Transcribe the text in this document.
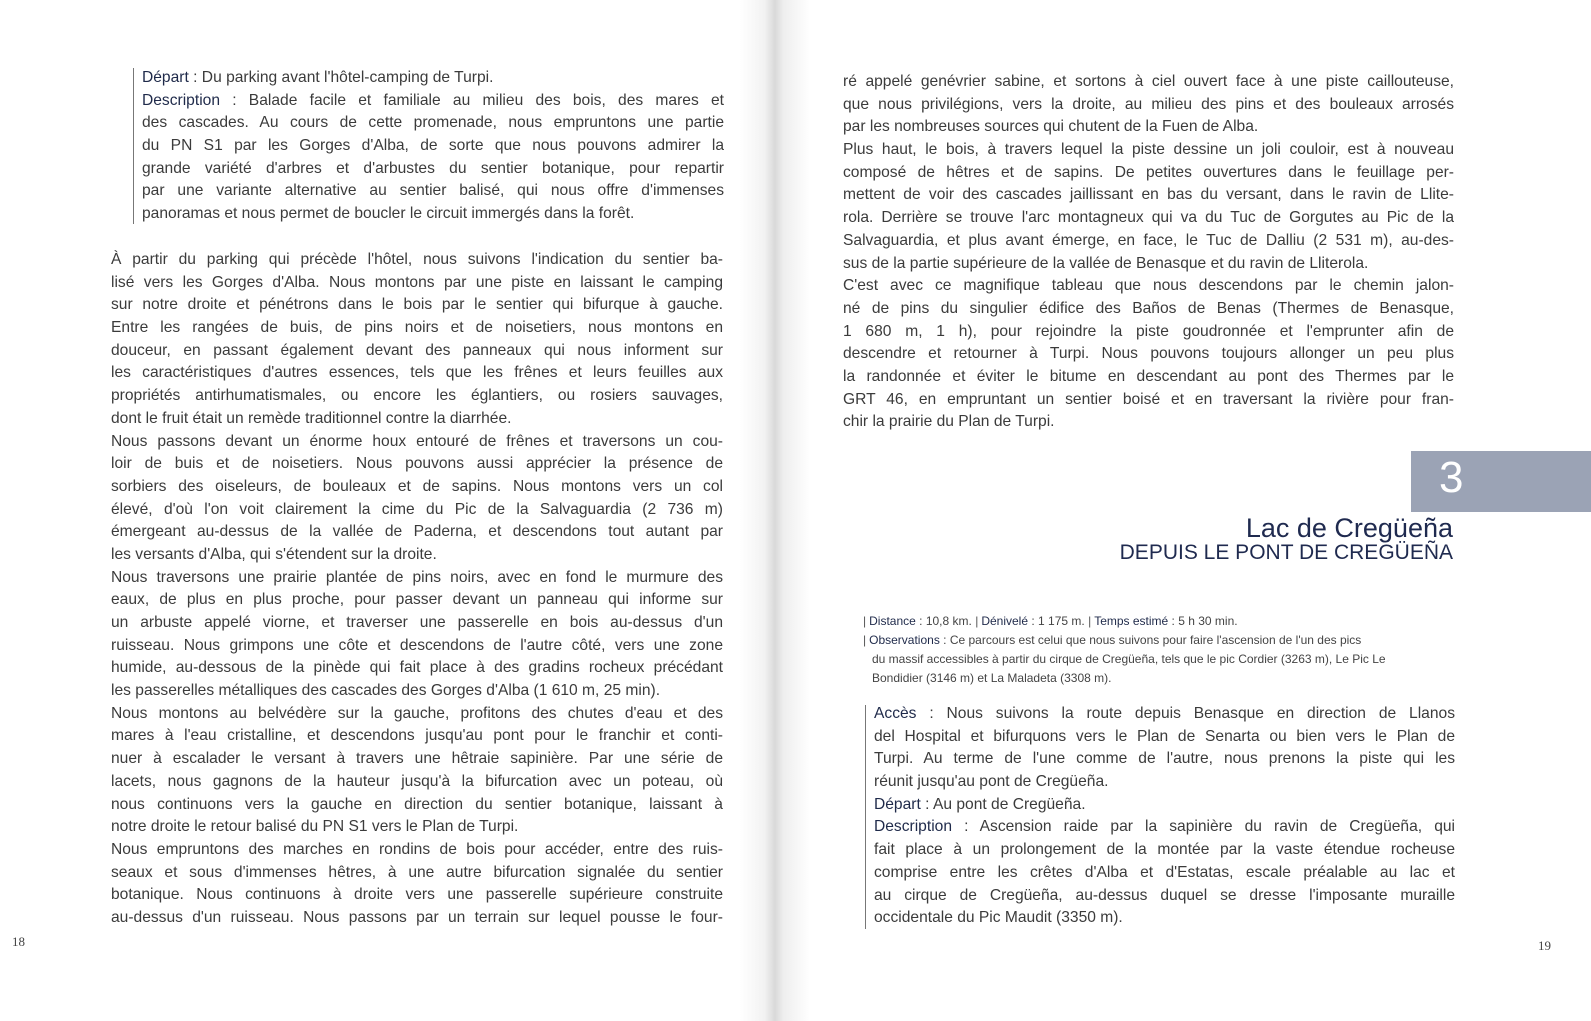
Départ : Du parking avant l'hôtel-camping de Turpi.
Description : Balade facile et familiale au milieu des bois, des mares et
des cascades. Au cours de cette promenade, nous empruntons une partie
du PN S1 par les Gorges d'Alba, de sorte que nous pouvons admirer la
grande variété d'arbres et d'arbustes du sentier botanique, pour repartir
par une variante alternative au sentier balisé, qui nous offre d'immenses
panoramas et nous permet de boucler le circuit immergés dans la forêt.
À partir du parking qui précède l'hôtel, nous suivons l'indication du sentier ba-
lisé vers les Gorges d'Alba. Nous montons par une piste en laissant le camping
sur notre droite et pénétrons dans le bois par le sentier qui bifurque à gauche.
Entre les rangées de buis, de pins noirs et de noisetiers, nous montons en
douceur, en passant également devant des panneaux qui nous informent sur
les caractéristiques d'autres essences, tels que les frênes et leurs feuilles aux
propriétés antirhumatismales, ou encore les églantiers, ou rosiers sauvages,
dont le fruit était un remède traditionnel contre la diarrhée.
Nous passons devant un énorme houx entouré de frênes et traversons un cou-
loir de buis et de noisetiers. Nous pouvons aussi apprécier la présence de
sorbiers des oiseleurs, de bouleaux et de sapins. Nous montons vers un col
élevé, d'où l'on voit clairement la cime du Pic de la Salvaguardia (2 736 m)
émergeant au-dessus de la vallée de Paderna, et descendons tout autant par
les versants d'Alba, qui s'étendent sur la droite.
Nous traversons une prairie plantée de pins noirs, avec en fond le murmure des
eaux, de plus en plus proche, pour passer devant un panneau qui informe sur
un arbuste appelé viorne, et traverser une passerelle en bois au-dessus d'un
ruisseau. Nous grimpons une côte et descendons de l'autre côté, vers une zone
humide, au-dessous de la pinède qui fait place à des gradins rocheux précédant
les passerelles métalliques des cascades des Gorges d'Alba (1 610 m, 25 min).
Nous montons au belvédère sur la gauche, profitons des chutes d'eau et des
mares à l'eau cristalline, et descendons jusqu'au pont pour le franchir et conti-
nuer à escalader le versant à travers une hêtraie sapinière. Par une série de
lacets, nous gagnons de la hauteur jusqu'à la bifurcation avec un poteau, où
nous continuons vers la gauche en direction du sentier botanique, laissant à
notre droite le retour balisé du PN S1 vers le Plan de Turpi.
Nous empruntons des marches en rondins de bois pour accéder, entre des ruis-
seaux et sous d'immenses hêtres, à une autre bifurcation signalée du sentier
botanique. Nous continuons à droite vers une passerelle supérieure construite
au-dessus d'un ruisseau. Nous passons par un terrain sur lequel pousse le four-
18
ré appelé genévrier sabine, et sortons à ciel ouvert face à une piste caillouteuse,
que nous privilégions, vers la droite, au milieu des pins et des bouleaux arrosés
par les nombreuses sources qui chutent de la Fuen de Alba.
Plus haut, le bois, à travers lequel la piste dessine un joli couloir, est à nouveau
composé de hêtres et de sapins. De petites ouvertures dans le feuillage per-
mettent de voir des cascades jaillissant en bas du versant, dans le ravin de Llite-
rola. Derrière se trouve l'arc montagneux qui va du Tuc de Gorgutes au Pic de la
Salvaguardia, et plus avant émerge, en face, le Tuc de Dalliu (2 531 m), au-des-
sus de la partie supérieure de la vallée de Benasque et du ravin de Lliterola.
C'est avec ce magnifique tableau que nous descendons par le chemin jalon-
né de pins du singulier édifice des Baños de Benas (Thermes de Benasque,
1 680 m, 1 h), pour rejoindre la piste goudronnée et l'emprunter afin de
descendre et retourner à Turpi. Nous pouvons toujours allonger un peu plus
la randonnée et éviter le bitume en descendant au pont des Thermes par le
GRT 46, en empruntant un sentier boisé et en traversant la rivière pour fran-
chir la prairie du Plan de Turpi.
3
Lac de Cregüeña
DEPUIS LE PONT DE CREGÜEÑA
| Distance : 10,8 km. | Dénivelé : 1 175 m. | Temps estimé : 5 h 30 min.
| Observations : Ce parcours est celui que nous suivons pour faire l'ascension de l'un des pics
du massif accessibles à partir du cirque de Cregüeña, tels que le pic Cordier (3263 m), Le Pic Le
Bondidier (3146 m) et La Maladeta (3308 m).
Accès : Nous suivons la route depuis Benasque en direction de Llanos
del Hospital et bifurquons vers le Plan de Senarta ou bien vers le Plan de
Turpi. Au terme de l'une comme de l'autre, nous prenons la piste qui les
réunit jusqu'au pont de Cregüeña.
Départ : Au pont de Cregüeña.
Description : Ascension raide par la sapinière du ravin de Cregüeña, qui
fait place à un prolongement de la montée par la vaste étendue rocheuse
comprise entre les crêtes d'Alba et d'Estatas, escale préalable au lac et
au cirque de Cregüeña, au-dessus duquel se dresse l'imposante muraille
occidentale du Pic Maudit (3350 m).
19
